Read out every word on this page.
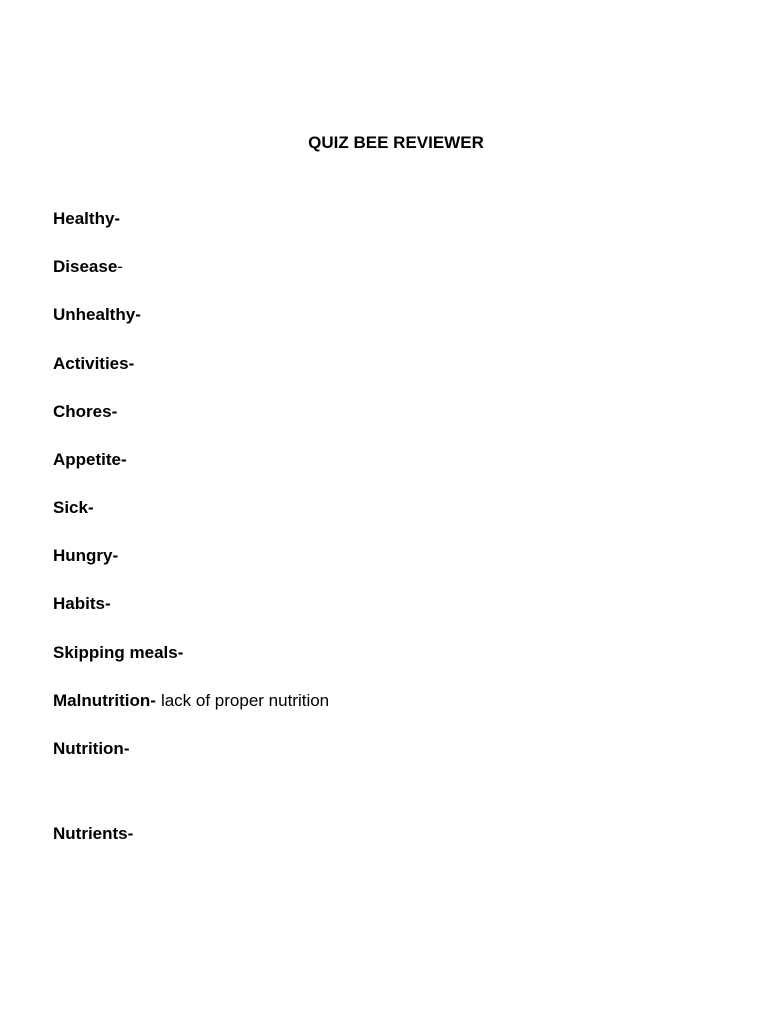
QUIZ BEE REVIEWER

Healthy-

Disease-

Unhealthy-

Activities-

Chores-

Appetite-

Sick-

Hungry-

Habits-

Skipping meals-

Malnutrition- lack of proper nutrition

Nutrition-

Nutrients-
